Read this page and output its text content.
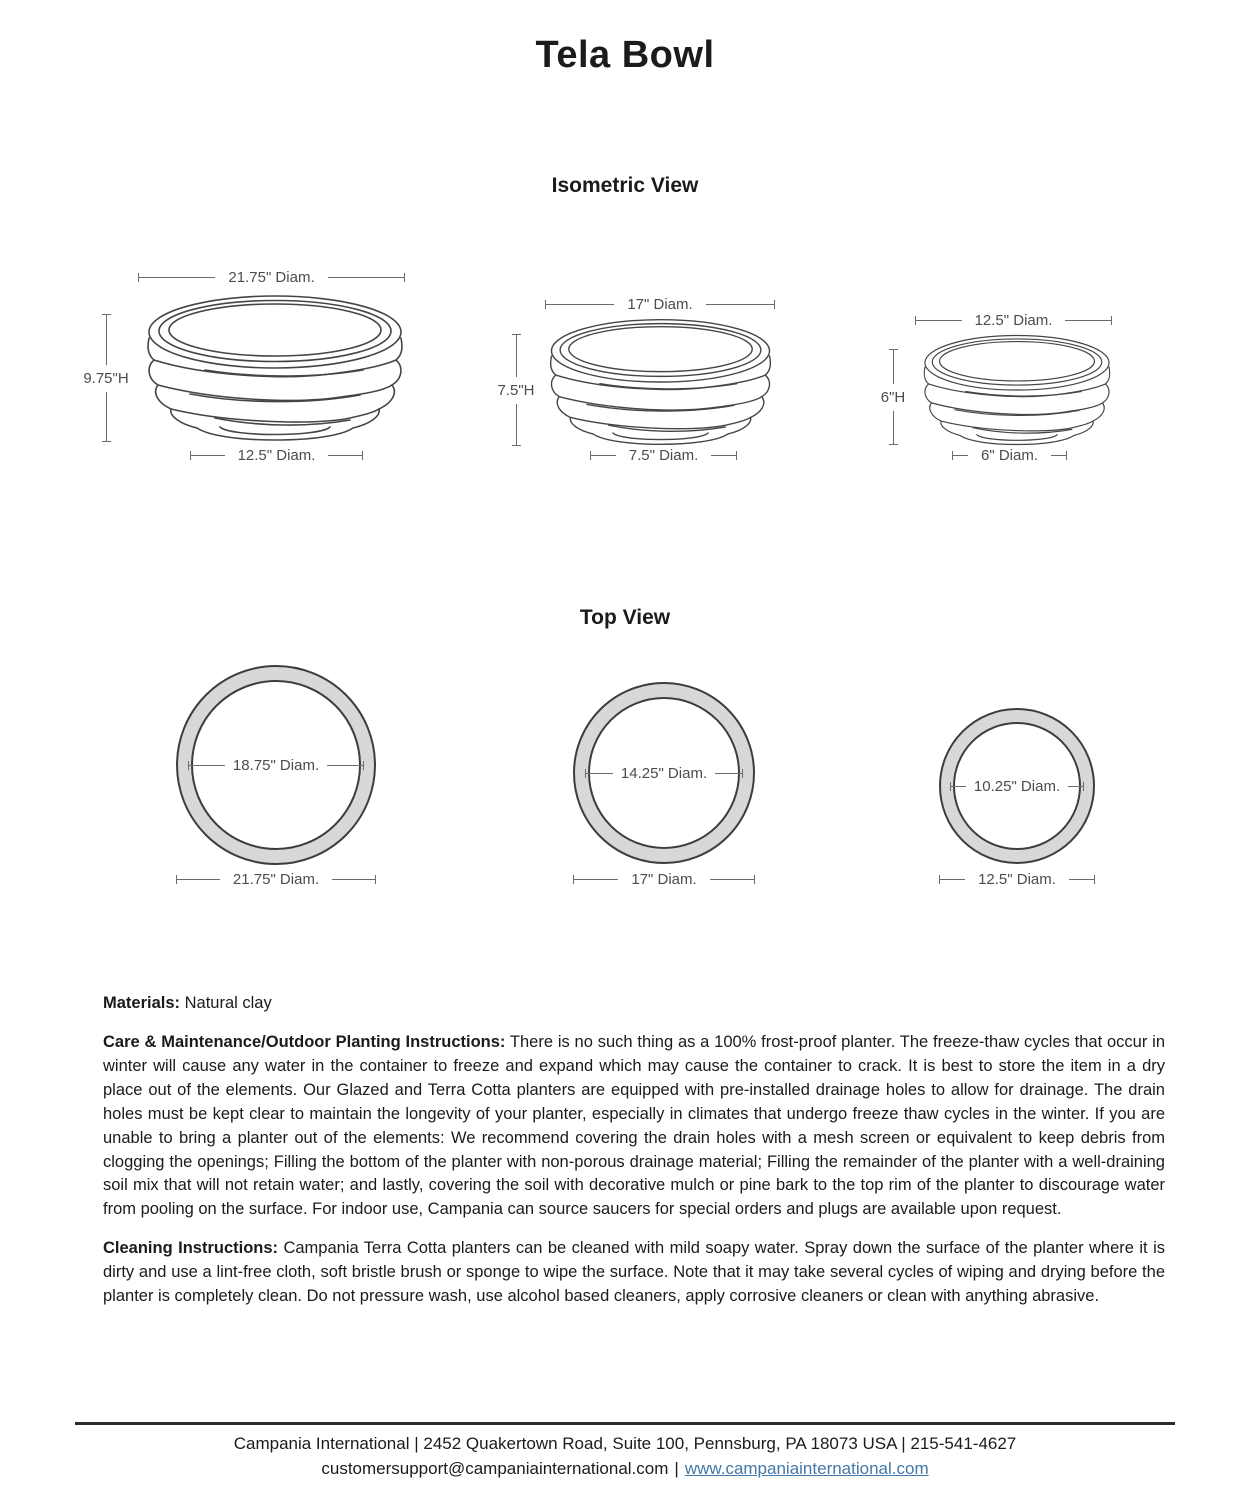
Tela Bowl
Isometric View
21.75" Diam.
9.75"H
12.5" Diam.
17" Diam.
7.5"H
7.5" Diam.
12.5" Diam.
6"H
6" Diam.
Top View
18.75" Diam.
21.75" Diam.
14.25" Diam.
17" Diam.
10.25" Diam.
12.5" Diam.

Materials: Natural clay

Care & Maintenance/Outdoor Planting Instructions: There is no such thing as a 100% frost-proof planter. The freeze-thaw cycles that occur in winter will cause any water in the container to freeze and expand which may cause the container to crack. It is best to store the item in a dry place out of the elements. Our Glazed and Terra Cotta planters are equipped with pre-installed drainage holes to allow for drainage. The drain holes must be kept clear to maintain the longevity of your planter, especially in climates that undergo freeze thaw cycles in the winter. If you are unable to bring a planter out of the elements: We recommend covering the drain holes with a mesh screen or equivalent to keep debris from clogging the openings; Filling the bottom of the planter with non-porous drainage material; Filling the remainder of the planter with a well-draining soil mix that will not retain water; and lastly, covering the soil with decorative mulch or pine bark to the top rim of the planter to discourage water from pooling on the surface. For indoor use, Campania can source saucers for special orders and plugs are available upon request.

Cleaning Instructions: Campania Terra Cotta planters can be cleaned with mild soapy water. Spray down the surface of the planter where it is dirty and use a lint-free cloth, soft bristle brush or sponge to wipe the surface. Note that it may take several cycles of wiping and drying before the planter is completely clean. Do not pressure wash, use alcohol based cleaners, apply corrosive cleaners or clean with anything abrasive.

Campania International | 2452 Quakertown Road, Suite 100, Pennsburg, PA 18073 USA | 215-541-4627
customersupport@campaniainternational.com | www.campaniainternational.com
